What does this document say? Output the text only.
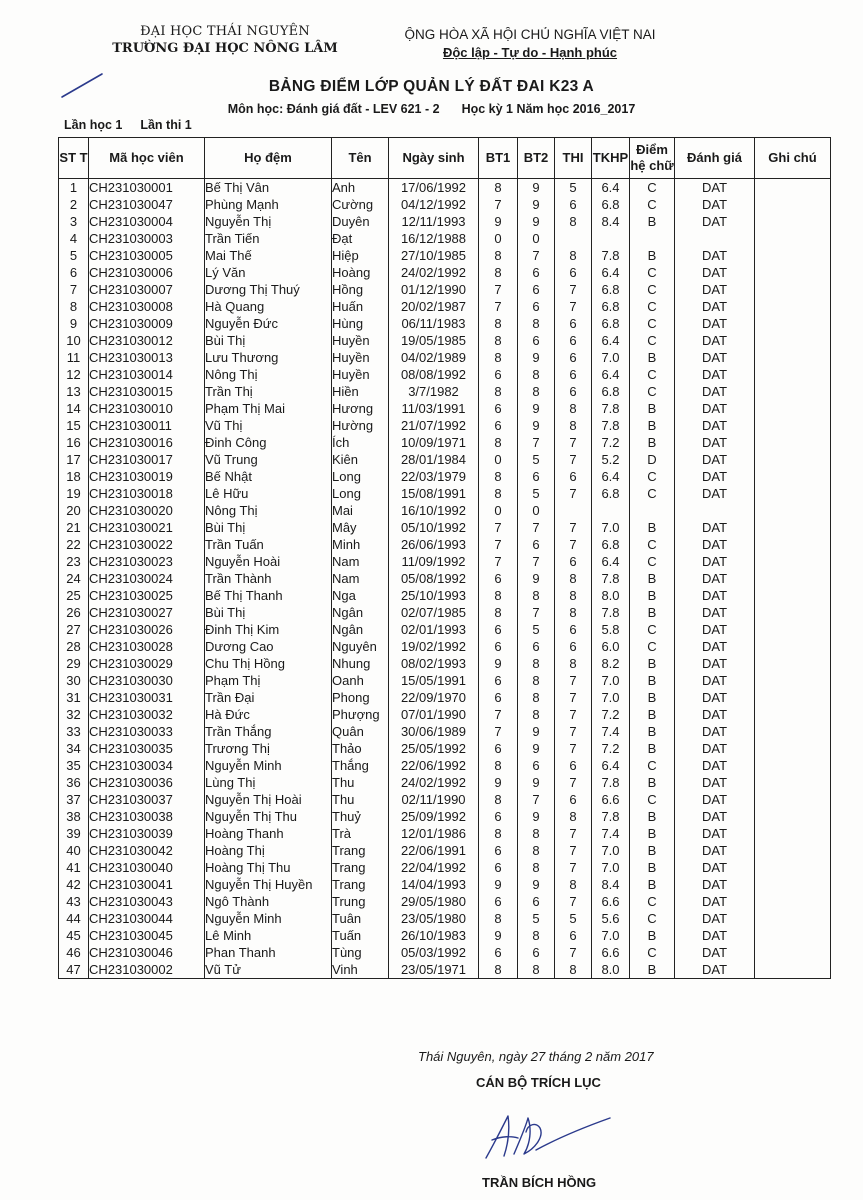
ĐẠI HỌC THÁI NGUYÊN
TRƯỜNG ĐẠI HỌC NÔNG LÂM
ỘNG HÒA XÃ HỘI CHỦ NGHĨA VIỆT NAI
Độc lập - Tự do - Hạnh phúc
BẢNG ĐIỂM LỚP QUẢN LÝ ĐẤT ĐAI K23 A
Môn học: Đánh giá đất - LEV 621 - 2 Học kỳ 1 Năm học 2016_2017
Lần học 1 Lần thi 1
ST T	Mã học viên	Họ đệm	Tên	Ngày sinh	BT1	BT2	THI	TKHP	Điểm hệ chữ	Đánh giá	Ghi chú
1	CH231030001	Bế Thị Vân	Anh	17/06/1992	8	9	5	6.4	C	DAT	
2	CH231030047	Phùng Mạnh	Cường	04/12/1992	7	9	6	6.8	C	DAT	
3	CH231030004	Nguyễn Thị	Duyên	12/11/1993	9	9	8	8.4	B	DAT	
4	CH231030003	Trần Tiến	Đạt	16/12/1988	0	0					
5	CH231030005	Mai Thế	Hiệp	27/10/1985	8	7	8	7.8	B	DAT	
6	CH231030006	Lý Văn	Hoàng	24/02/1992	8	6	6	6.4	C	DAT	
7	CH231030007	Dương Thị Thuý	Hồng	01/12/1990	7	6	7	6.8	C	DAT	
8	CH231030008	Hà Quang	Huấn	20/02/1987	7	6	7	6.8	C	DAT	
9	CH231030009	Nguyễn Đức	Hùng	06/11/1983	8	8	6	6.8	C	DAT	
10	CH231030012	Bùi Thị	Huyền	19/05/1985	8	6	6	6.4	C	DAT	
11	CH231030013	Lưu Thương	Huyền	04/02/1989	8	9	6	7.0	B	DAT	
12	CH231030014	Nông Thị	Huyền	08/08/1992	6	8	6	6.4	C	DAT	
13	CH231030015	Trần Thị	Hiền	3/7/1982	8	8	6	6.8	C	DAT	
14	CH231030010	Phạm Thị Mai	Hương	11/03/1991	6	9	8	7.8	B	DAT	
15	CH231030011	Vũ Thị	Hường	21/07/1992	6	9	8	7.8	B	DAT	
16	CH231030016	Đinh Công	Ích	10/09/1971	8	7	7	7.2	B	DAT	
17	CH231030017	Vũ Trung	Kiên	28/01/1984	0	5	7	5.2	D	DAT	
18	CH231030019	Bế Nhật	Long	22/03/1979	8	6	6	6.4	C	DAT	
19	CH231030018	Lê Hữu	Long	15/08/1991	8	5	7	6.8	C	DAT	
20	CH231030020	Nông Thị	Mai	16/10/1992	0	0					
21	CH231030021	Bùi Thị	Mây	05/10/1992	7	7	7	7.0	B	DAT	
22	CH231030022	Trần Tuấn	Minh	26/06/1993	7	6	7	6.8	C	DAT	
23	CH231030023	Nguyễn Hoài	Nam	11/09/1992	7	7	6	6.4	C	DAT	
24	CH231030024	Trần Thành	Nam	05/08/1992	6	9	8	7.8	B	DAT	
25	CH231030025	Bế Thị Thanh	Nga	25/10/1993	8	8	8	8.0	B	DAT	
26	CH231030027	Bùi Thị	Ngân	02/07/1985	8	7	8	7.8	B	DAT	
27	CH231030026	Đinh Thị Kim	Ngân	02/01/1993	6	5	6	5.8	C	DAT	
28	CH231030028	Dương Cao	Nguyên	19/02/1992	6	6	6	6.0	C	DAT	
29	CH231030029	Chu Thị Hồng	Nhung	08/02/1993	9	8	8	8.2	B	DAT	
30	CH231030030	Phạm Thị	Oanh	15/05/1991	6	8	7	7.0	B	DAT	
31	CH231030031	Trần Đại	Phong	22/09/1970	6	8	7	7.0	B	DAT	
32	CH231030032	Hà Đức	Phượng	07/01/1990	7	8	7	7.2	B	DAT	
33	CH231030033	Trần Thắng	Quân	30/06/1989	7	9	7	7.4	B	DAT	
34	CH231030035	Trương Thị	Thảo	25/05/1992	6	9	7	7.2	B	DAT	
35	CH231030034	Nguyễn Minh	Thắng	22/06/1992	8	6	6	6.4	C	DAT	
36	CH231030036	Lùng Thị	Thu	24/02/1992	9	9	7	7.8	B	DAT	
37	CH231030037	Nguyễn Thị Hoài	Thu	02/11/1990	8	7	6	6.6	C	DAT	
38	CH231030038	Nguyễn Thị Thu	Thuỷ	25/09/1992	6	9	8	7.8	B	DAT	
39	CH231030039	Hoàng Thanh	Trà	12/01/1986	8	8	7	7.4	B	DAT	
40	CH231030042	Hoàng Thị	Trang	22/06/1991	6	8	7	7.0	B	DAT	
41	CH231030040	Hoàng Thị Thu	Trang	22/04/1992	6	8	7	7.0	B	DAT	
42	CH231030041	Nguyễn Thị Huyền	Trang	14/04/1993	9	9	8	8.4	B	DAT	
43	CH231030043	Ngô Thành	Trung	29/05/1980	6	6	7	6.6	C	DAT	
44	CH231030044	Nguyễn Minh	Tuân	23/05/1980	8	5	5	5.6	C	DAT	
45	CH231030045	Lê Minh	Tuấn	26/10/1983	9	8	6	7.0	B	DAT	
46	CH231030046	Phan Thanh	Tùng	05/03/1992	6	6	7	6.6	C	DAT	
47	CH231030002	Vũ Tử	Vinh	23/05/1971	8	8	8	8.0	B	DAT	
Thái Nguyên, ngày 27 tháng 2 năm 2017
CÁN BỘ TRÍCH LỤC
TRẦN BÍCH HỒNG
